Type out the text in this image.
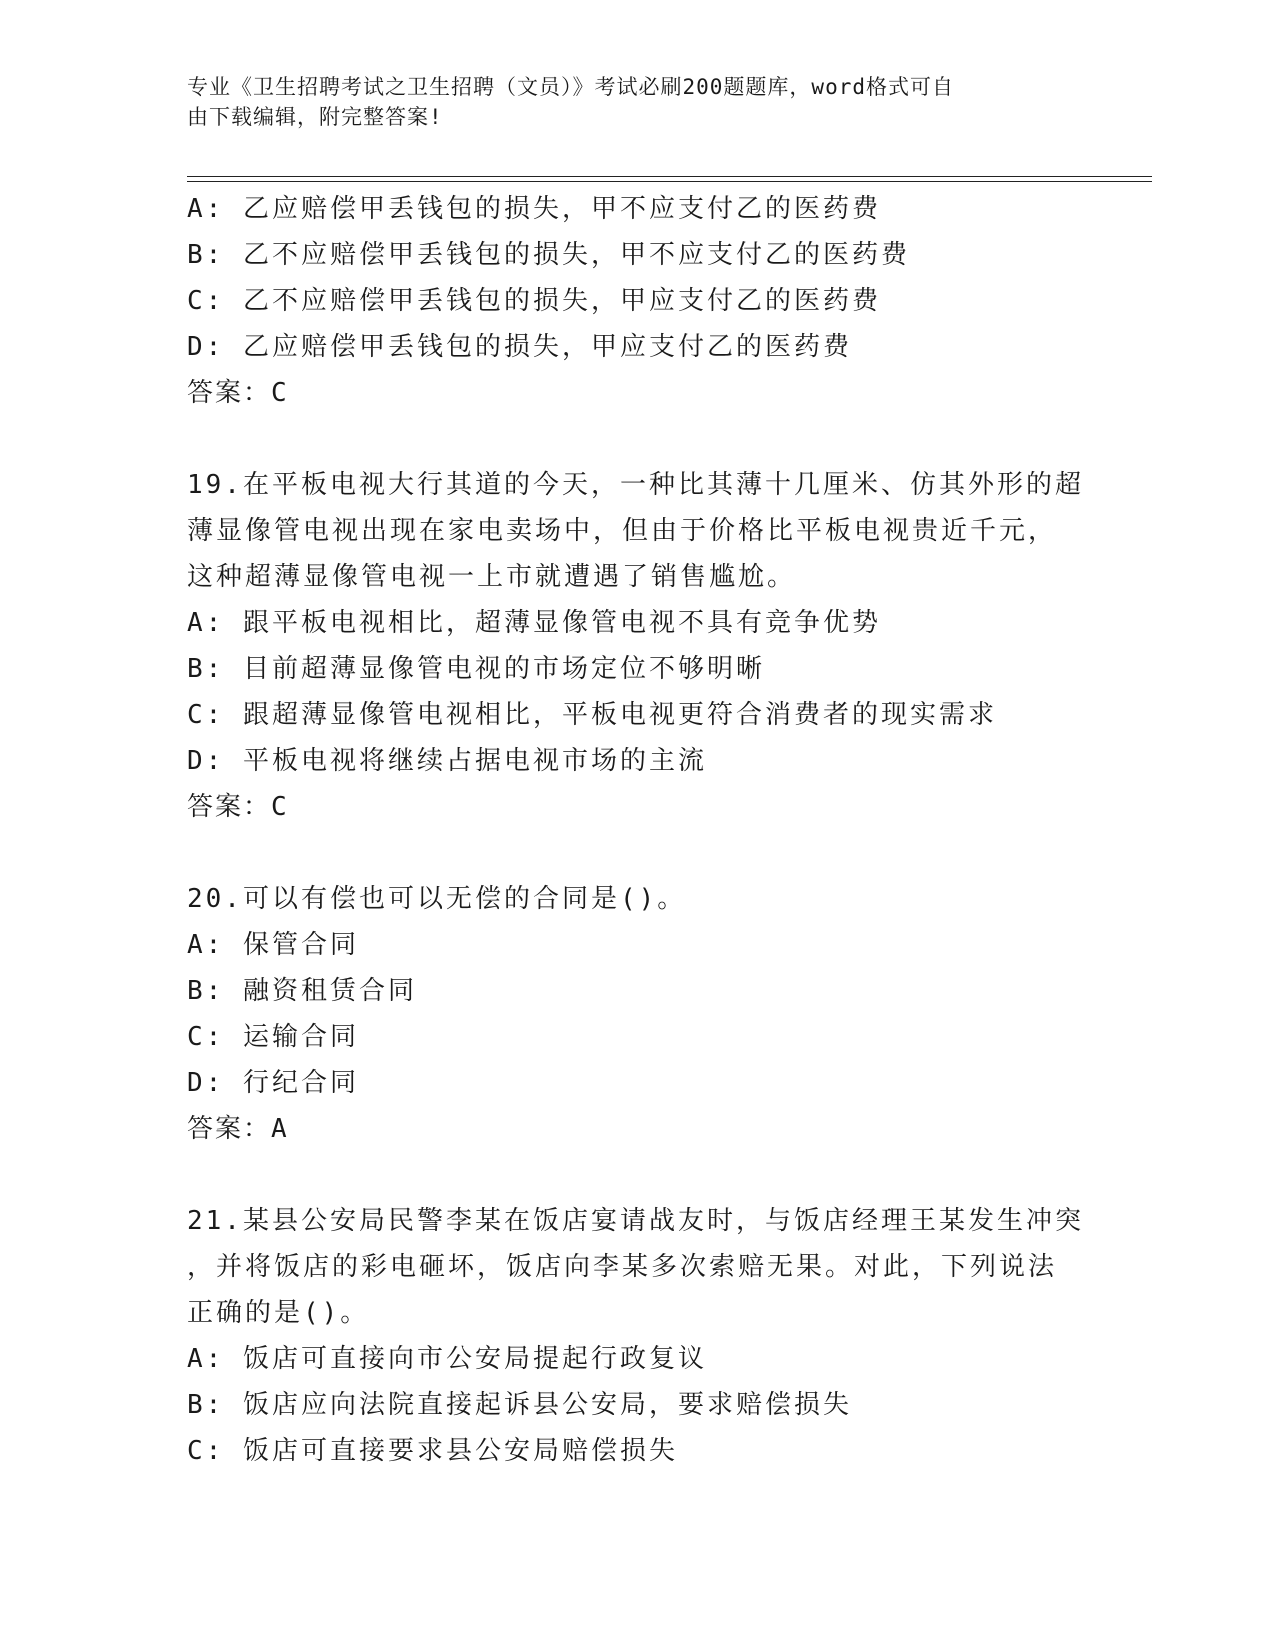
专业《卫生招聘考试之卫生招聘（文员）》考试必刷200题题库，word格式可自
由下载编辑，附完整答案!
A: 乙应赔偿甲丢钱包的损失，甲不应支付乙的医药费
B: 乙不应赔偿甲丢钱包的损失，甲不应支付乙的医药费
C: 乙不应赔偿甲丢钱包的损失，甲应支付乙的医药费
D: 乙应赔偿甲丢钱包的损失，甲应支付乙的医药费
答案：C
19.在平板电视大行其道的今天，一种比其薄十几厘米、仿其外形的超
薄显像管电视出现在家电卖场中，但由于价格比平板电视贵近千元，
这种超薄显像管电视一上市就遭遇了销售尴尬。
A: 跟平板电视相比，超薄显像管电视不具有竞争优势
B: 目前超薄显像管电视的市场定位不够明晰
C: 跟超薄显像管电视相比，平板电视更符合消费者的现实需求
D: 平板电视将继续占据电视市场的主流
答案：C
20.可以有偿也可以无偿的合同是()。
A: 保管合同
B: 融资租赁合同
C: 运输合同
D: 行纪合同
答案：A
21.某县公安局民警李某在饭店宴请战友时，与饭店经理王某发生冲突
，并将饭店的彩电砸坏，饭店向李某多次索赔无果。对此，下列说法
正确的是()。
A: 饭店可直接向市公安局提起行政复议
B: 饭店应向法院直接起诉县公安局，要求赔偿损失
C: 饭店可直接要求县公安局赔偿损失
